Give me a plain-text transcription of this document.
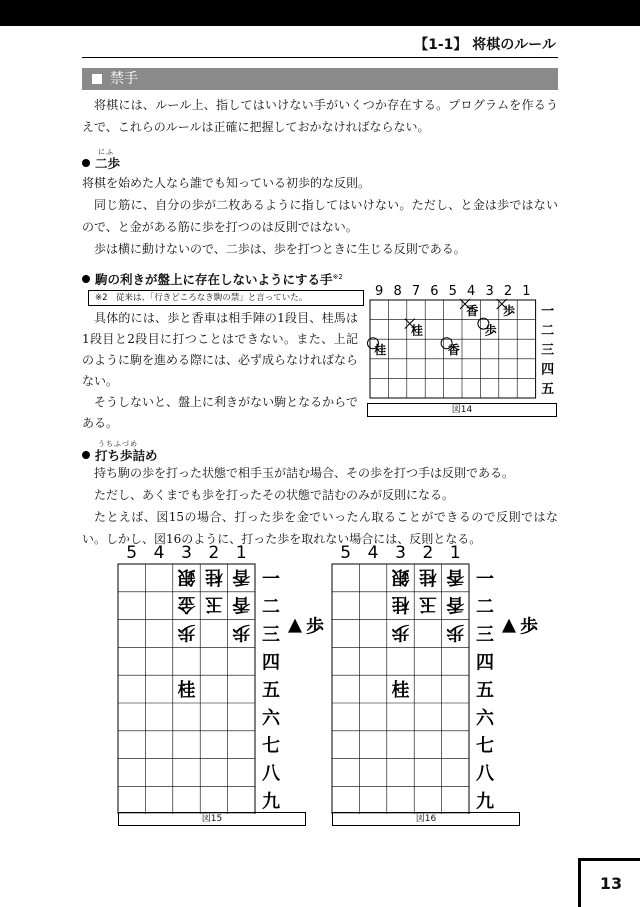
【1-1】 将棋のルール
禁手

将棋には、ルール上、指してはいけない手がいくつか存在する。プログラムを作るうえで、これらのルールは正確に把握しておかなければならない。

にふ
二歩

将棋を始めた人なら誰でも知っている初歩的な反則。

同じ筋に、自分の歩が二枚あるように指してはいけない。ただし、と金は歩ではないので、と金がある筋に歩を打つのは反則ではない。

歩は横に動けないので、二歩は、歩を打つときに生じる反則である。

駒の利きが盤上に存在しないようにする手$^{※2}$
※2　従来は、「行きどころなき駒の禁」と言っていた。

具体的には、歩と香車は相手陣の1段目、桂馬は1段目と2段目に打つことはできない。また、上記のように駒を進める際には、必ず成らなければならない。

そうしないと、盤上に利きがない駒となるからである。

9 8 7 6 5 4 3 2 1
一
二
三
四
五
香 歩
桂	歩
桂	香
図14
うちふづめ
打ち歩詰め

持ち駒の歩を打った状態で相手玉が詰む場合、その歩を打つ手は反則である。

ただし、あくまでも歩を打ったその状態で詰むのみが反則になる。

たとえば、図15の場合、打った歩を金でいったん取ることができるので反則ではない。しかし、図16のように、打った歩を取れない場合には、反則となる。

5 4 3 2 1
一
二
三
四
五
六
七
八
九
銀 桂 香
金 玉 香
歩 歩
桂
歩
図15
5 4 3 2 1
一
二
三
四
五
六
七
八
九
銀 桂 香
桂 玉 香
歩 歩
桂
歩
図16
13
